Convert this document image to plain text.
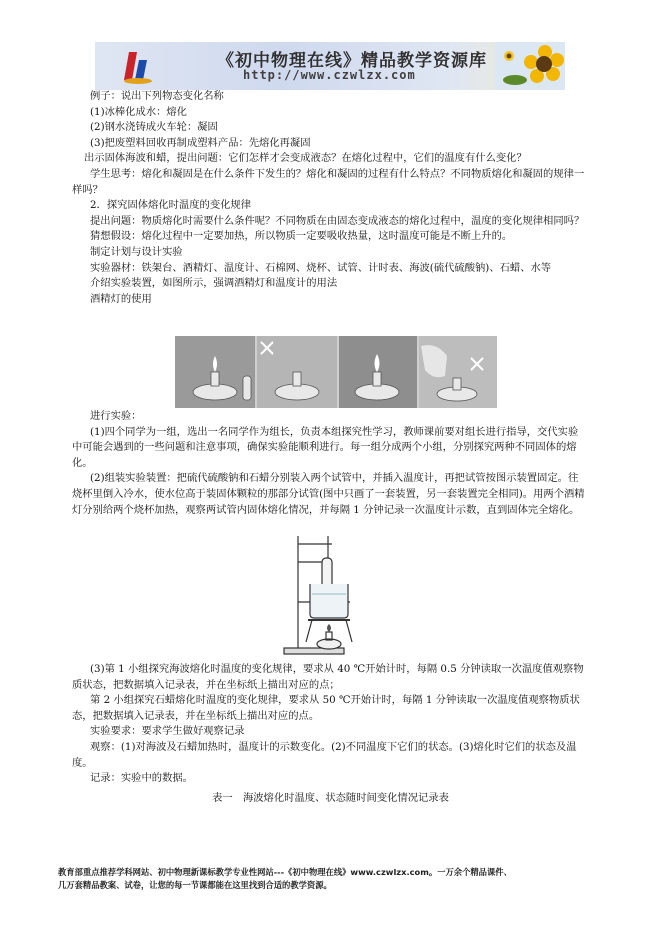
《初中物理在线》精品教学资源库
http://www.czwlzx.com

例子：说出下列物态变化名称

(1)冰棒化成水：熔化

(2)钢水浇铸成火车轮：凝固

(3)把废塑料回收再制成塑料产品：先熔化再凝固

出示固体海波和蜡，提出问题：它们怎样才会变成液态？在熔化过程中，它们的温度有什么变化？

学生思考：熔化和凝固是在什么条件下发生的？熔化和凝固的过程有什么特点？不同物质熔化和凝固的规律一样吗？

2．探究固体熔化时温度的变化规律

提出问题：物质熔化时需要什么条件呢？不同物质在由固态变成液态的熔化过程中，温度的变化规律相同吗？

猜想假设：熔化过程中一定要加热，所以物质一定要吸收热量，这时温度可能是不断上升的。

制定计划与设计实验

实验器材：铁架台、酒精灯、温度计、石棉网、烧杯、试管、计时表、海波(硫代硫酸钠)、石蜡、水等

介绍实验装置，如图所示，强调酒精灯和温度计的用法

酒精灯的使用

进行实验：

(1)四个同学为一组，选出一名同学作为组长，负责本组探究性学习，教师课前要对组长进行指导，交代实验中可能会遇到的一些问题和注意事项，确保实验能顺利进行。每一组分成两个小组，分别探究两种不同固体的熔化。

(2)组装实验装置：把硫代硫酸钠和石蜡分别装入两个试管中，并插入温度计，再把试管按图示装置固定。往烧杯里倒入冷水，使水位高于装固体颗粒的那部分试管(图中只画了一套装置，另一套装置完全相同)。用两个酒精灯分别给两个烧杯加热，观察两试管内固体熔化情况，并每隔 1 分钟记录一次温度计示数，直到固体完全熔化。

(3)第 1 小组探究海波熔化时温度的变化规律，要求从 40 ℃开始计时，每隔 0.5 分钟读取一次温度值观察物质状态，把数据填入记录表，并在坐标纸上描出对应的点；

第 2 小组探究石蜡熔化时温度的变化规律，要求从 50 ℃开始计时，每隔 1 分钟读取一次温度值观察物质状态，把数据填入记录表，并在坐标纸上描出对应的点。

实验要求：要求学生做好观察记录

观察：(1)对海波及石蜡加热时，温度计的示数变化。(2)不同温度下它们的状态。(3)熔化时它们的状态及温度。

记录：实验中的数据。

表一　海波熔化时温度、状态随时间变化情况记录表
教育部重点推荐学科网站、初中物理新课标教学专业性网站---《初中物理在线》www.czwlzx.com。一万余个精品课件、
几万套精品教案、试卷，让您的每一节课都能在这里找到合适的教学资源。
